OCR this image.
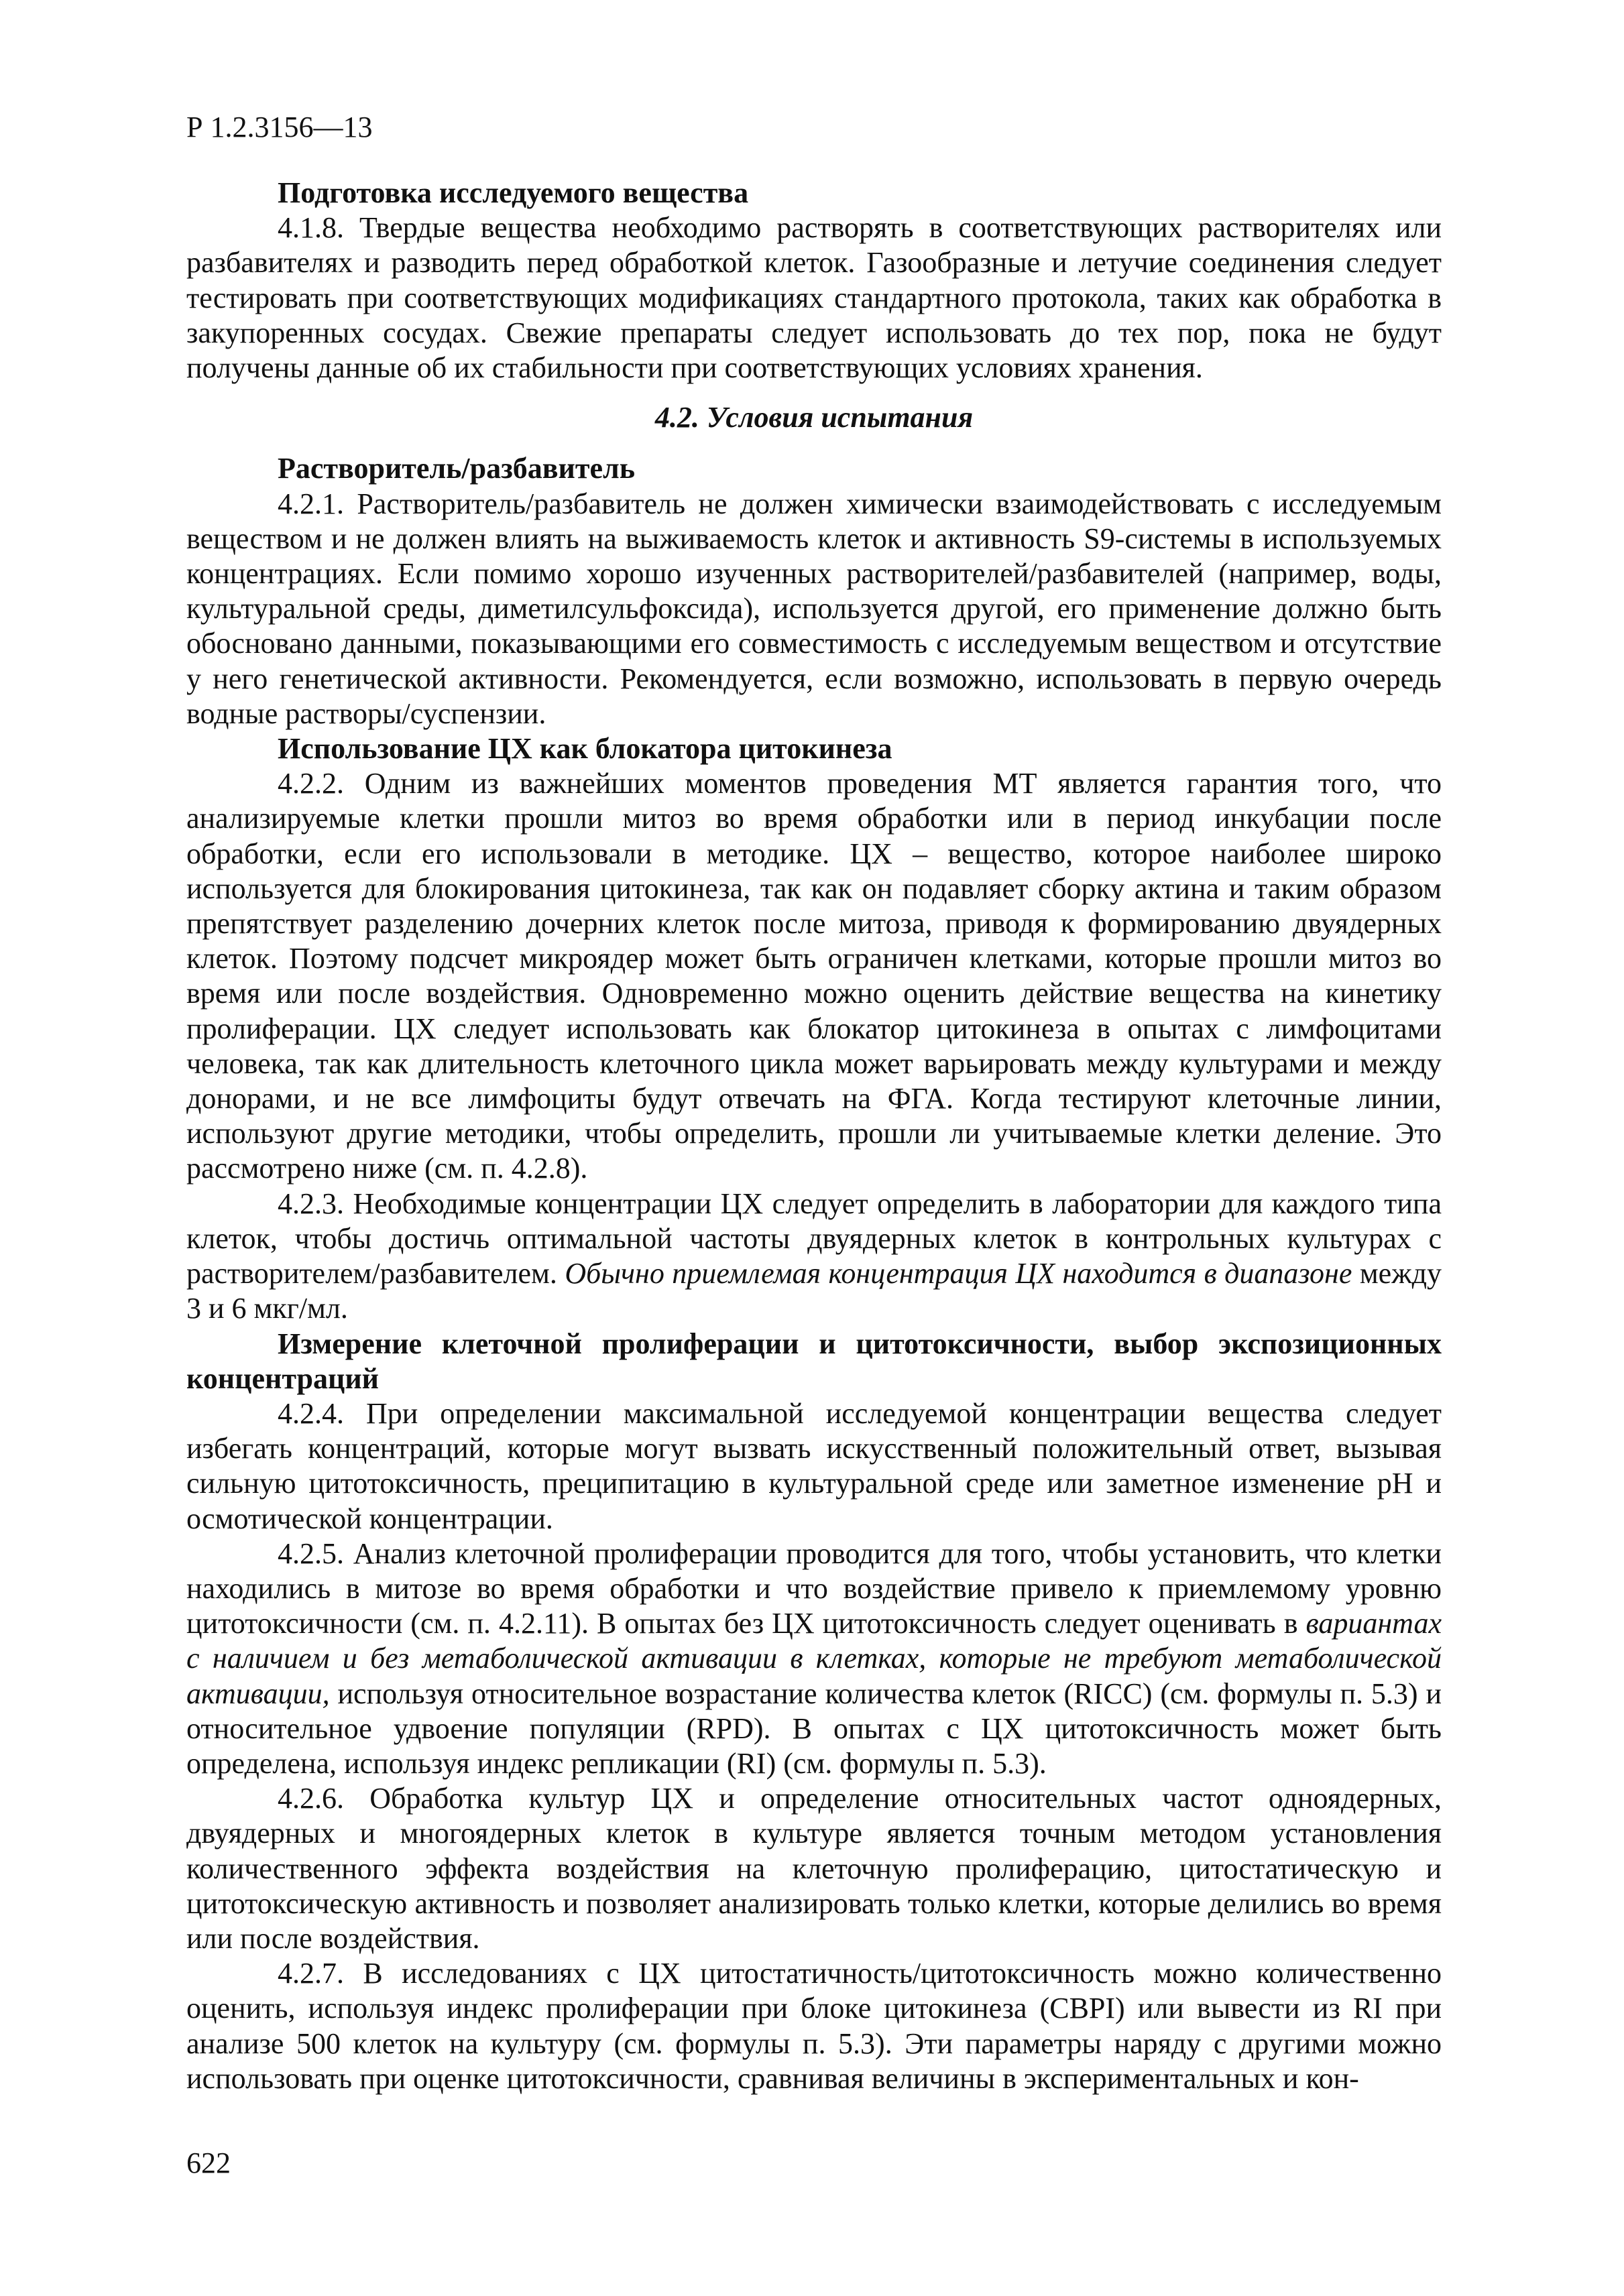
Р 1.2.3156—13
Подготовка исследуемого вещества

4.1.8. Твердые вещества необходимо растворять в соответствующих растворителях или разбавителях и разводить перед обработкой клеток. Газообразные и летучие соединения следует тестировать при соответствующих модификациях стандартного протокола, таких как обработка в закупоренных сосудах. Свежие препараты следует использовать до тех пор, пока не будут получены данные об их стабильности при соответствующих условиях хранения.

4.2. Условия испытания
Растворитель/разбавитель

4.2.1. Растворитель/разбавитель не должен химически взаимодействовать с исследуемым веществом и не должен влиять на выживаемость клеток и активность S9-системы в используемых концентрациях. Если помимо хорошо изученных растворителей/разбавителей (например, воды, культуральной среды, диметилсульфоксида), используется другой, его применение должно быть обосновано данными, показывающими его совместимость с исследуемым веществом и отсутствие у него генетической активности. Рекомендуется, если возможно, использовать в первую очередь водные растворы/суспензии.

Использование ЦХ как блокатора цитокинеза

4.2.2. Одним из важнейших моментов проведения МТ является гарантия того, что анализируемые клетки прошли митоз во время обработки или в период инкубации после обработки, если его использовали в методике. ЦХ – вещество, которое наиболее широко используется для блокирования цитокинеза, так как он подавляет сборку актина и таким образом препятствует разделению дочерних клеток после митоза, приводя к формированию двуядерных клеток. Поэтому подсчет микроядер может быть ограничен клетками, которые прошли митоз во время или после воздействия. Одновременно можно оценить действие вещества на кинетику пролиферации. ЦХ следует использовать как блокатор цитокинеза в опытах с лимфоцитами человека, так как длительность клеточного цикла может варьировать между культурами и между донорами, и не все лимфоциты будут отвечать на ФГА. Когда тестируют клеточные линии, используют другие методики, чтобы определить, прошли ли учитываемые клетки деление. Это рассмотрено ниже (см. п. 4.2.8).

4.2.3. Необходимые концентрации ЦХ следует определить в лаборатории для каждого типа клеток, чтобы достичь оптимальной частоты двуядерных клеток в контрольных культурах с растворителем/разбавителем. Обычно приемлемая концентрация ЦХ находится в диапазоне между 3 и 6 мкг/мл.

Измерение клеточной пролиферации и цитотоксичности, выбор экспозиционных концентраций

4.2.4. При определении максимальной исследуемой концентрации вещества следует избегать концентраций, которые могут вызвать искусственный положительный ответ, вызывая сильную цитотоксичность, преципитацию в культуральной среде или заметное изменение pH и осмотической концентрации.

4.2.5. Анализ клеточной пролиферации проводится для того, чтобы установить, что клетки находились в митозе во время обработки и что воздействие привело к приемлемому уровню цитотоксичности (см. п. 4.2.11). В опытах без ЦХ цитотоксичность следует оценивать в вариантах с наличием и без метаболической активации в клетках, которые не требуют метаболической активации, используя относительное возрастание количества клеток (RICC) (см. формулы п. 5.3) и относительное удвоение популяции (RPD). В опытах с ЦХ цитотоксичность может быть определена, используя индекс репликации (RI) (см. формулы п. 5.3).

4.2.6. Обработка культур ЦХ и определение относительных частот одноядерных, двуядерных и многоядерных клеток в культуре является точным методом установления количественного эффекта воздействия на клеточную пролиферацию, цитостатическую и цитотоксическую активность и позволяет анализировать только клетки, которые делились во время или после воздействия.

4.2.7. В исследованиях с ЦХ цитостатичность/цитотоксичность можно количественно оценить, используя индекс пролиферации при блоке цитокинеза (CBPI) или вывести из RI при анализе 500 клеток на культуру (см. формулы п. 5.3). Эти параметры наряду с другими можно использовать при оценке цитотоксичности, сравнивая величины в экспериментальных и кон-

622
